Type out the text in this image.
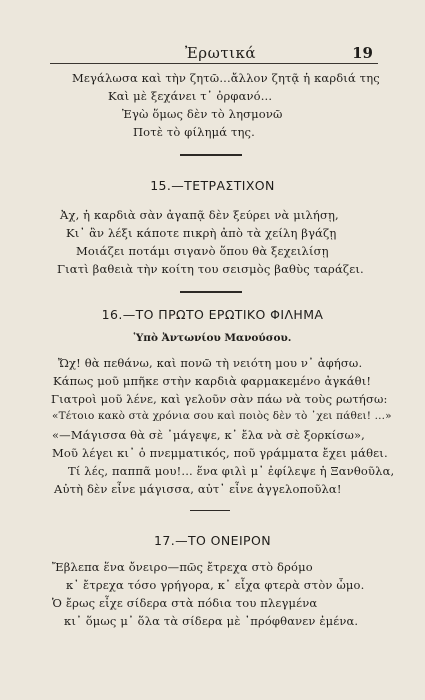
Ἐρωτικά	19
Μεγάλωσα καὶ τὴν ζητῶ...ἄλλον ζητᾷ ἡ καρδιά της
Καὶ μὲ ξεχάνει τ᾿ ὀρφανό...
Ἐγὼ ὅμως δὲν τὸ λησμονῶ
Ποτὲ τὸ φίλημά της.
15.—ΤΕΤΡΑΣΤΙΧΟΝ
Ἀχ, ἡ καρδιὰ σὰν ἀγαπᾷ δὲν ξεύρει νὰ μιλήσῃ,
Κι᾿ ἂν λέξι κάποτε πικρὴ ἀπὸ τὰ χείλη βγάζῃ
Μοιάζει ποτάμι σιγανὸ ὅπου θὰ ξεχειλίσῃ
Γιατὶ βαθειὰ τὴν κοίτη του σεισμὸς βαθὺς ταράζει.
16.—ΤΟ ΠΡΩΤΟ ΕΡΩΤΙΚΟ ΦΙΛΗΜΑ
Ὑπὸ Ἀντωνίου Μανούσου.
Ὤχ! θὰ πεθάνω, καὶ πονῶ τὴ νειότη μου ν᾿ ἀφήσω.
Κάπως μοῦ μπῆκε στὴν καρδιὰ φαρμακεμένο ἀγκάθι!
Γιατροὶ μοῦ λένε, καὶ γελοῦν σὰν πάω νὰ τοὺς ρωτήσω:
«Τέτοιο κακὸ στὰ χρόνια σου καὶ ποιὸς δὲν τὸ ᾿χει πάθει! ...»
«—Μάγισσα θὰ σὲ ᾿μάγεψε, κ᾿ ἔλα νὰ σὲ ξορκίσω»,
Μοῦ λέγει κι᾿ ὁ πνεμματικός, ποῦ γράμματα ἔχει μάθει.
Τί λές, παππᾶ μου!... ἕνα φιλὶ μ᾿ ἐφίλεψε ἡ Ξανθοῦλα,
Αὐτὴ δὲν εἶνε μάγισσα, αὐτ᾿ εἶνε ἀγγελοποῦλα!
17.—ΤΟ ΟΝΕΙΡΟΝ
Ἔβλεπα ἕνα ὄνειρο—πῶς ἔτρεχα στὸ δρόμο
κ᾿ ἔτρεχα τόσο γρήγορα, κ᾿ εἶχα φτερὰ στὸν ὦμο.
Ὁ ἔρως εἶχε σίδερα στὰ πόδια του πλεγμένα
κι᾿ ὅμως μ᾿ ὅλα τὰ σίδερα μὲ ᾿πρόφθανεν ἐμένα.
